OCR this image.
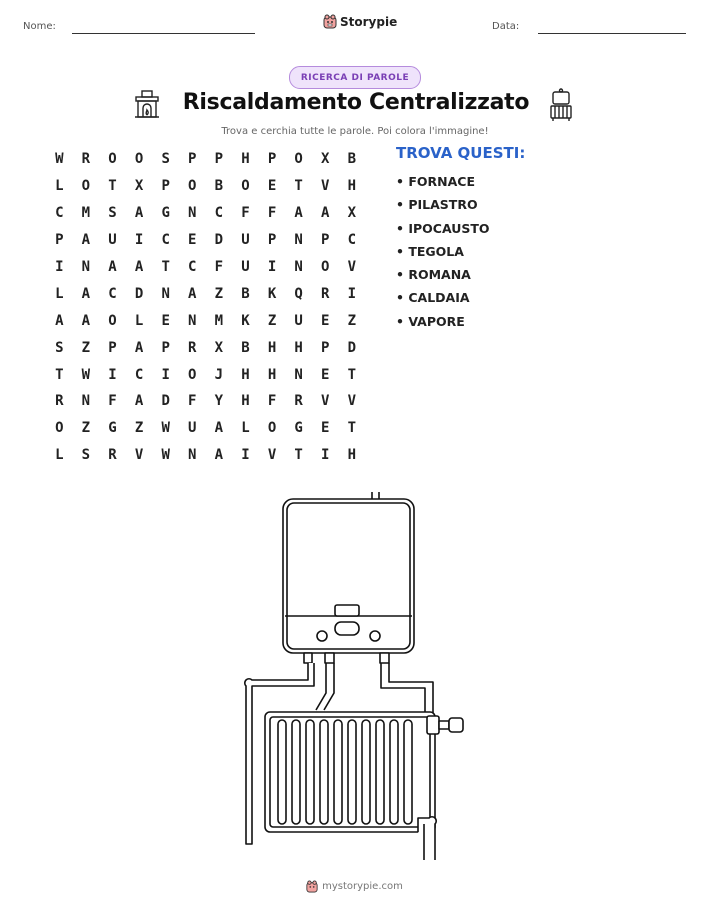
Nome:	Storypie	Data:
RICERCA DI PAROLE
Riscaldamento Centralizzato
Trova e cerchia tutte le parole. Poi colora l'immagine!
W	R	O	O	S	P	P	H	P	O	X	B
L	O	T	X	P	O	B	O	E	T	V	H
C	M	S	A	G	N	C	F	F	A	A	X
P	A	U	I	C	E	D	U	P	N	P	C
I	N	A	A	T	C	F	U	I	N	O	V
L	A	C	D	N	A	Z	B	K	Q	R	I
A	A	O	L	E	N	M	K	Z	U	E	Z
S	Z	P	A	P	R	X	B	H	H	P	D
T	W	I	C	I	O	J	H	H	N	E	T
R	N	F	A	D	F	Y	H	F	R	V	V
O	Z	G	Z	W	U	A	L	O	G	E	T
L	S	R	V	W	N	A	I	V	T	I	H
TROVA QUESTI:
• FORNACE
• PILASTRO
• IPOCAUSTO
• TEGOLA
• ROMANA
• CALDAIA
• VAPORE
mystorypie.com
